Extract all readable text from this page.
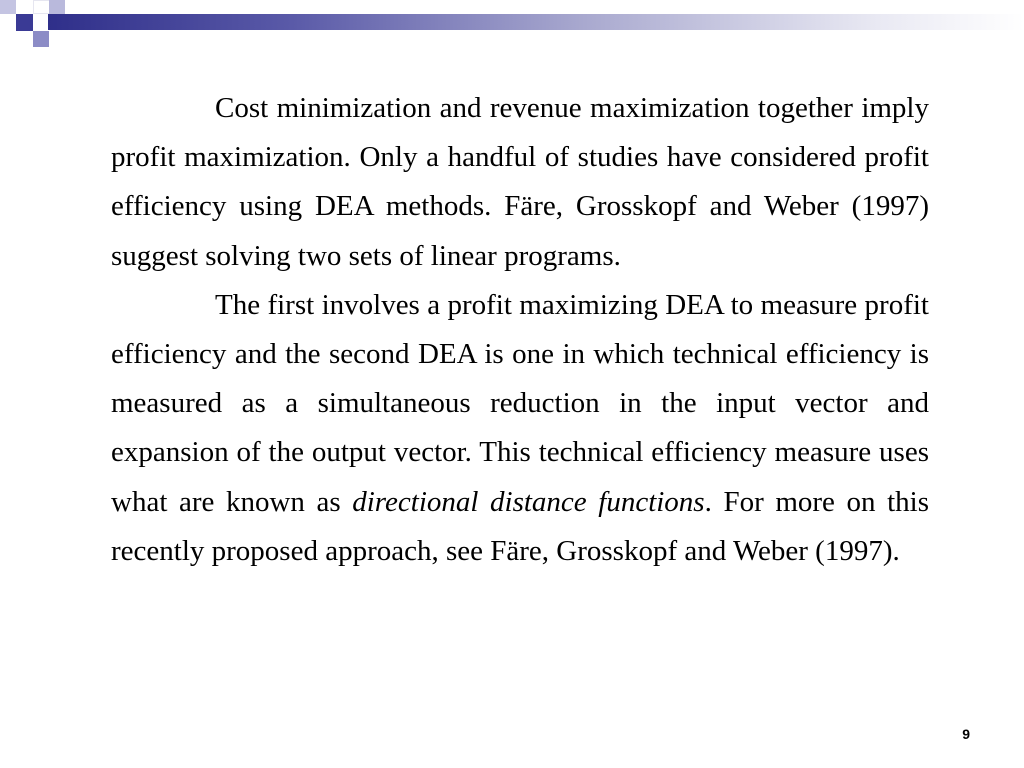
Cost minimization and revenue maximization together imply profit maximization. Only a handful of studies have considered profit efficiency using DEA methods. Färe, Grosskopf and Weber (1997) suggest solving two sets of linear programs.

The first involves a profit maximizing DEA to measure profit efficiency and the second DEA is one in which technical efficiency is measured as a simultaneous reduction in the input vector and expansion of the output vector. This technical efficiency measure uses what are known as directional distance functions. For more on this recently proposed approach, see Färe, Grosskopf and Weber (1997).

9
